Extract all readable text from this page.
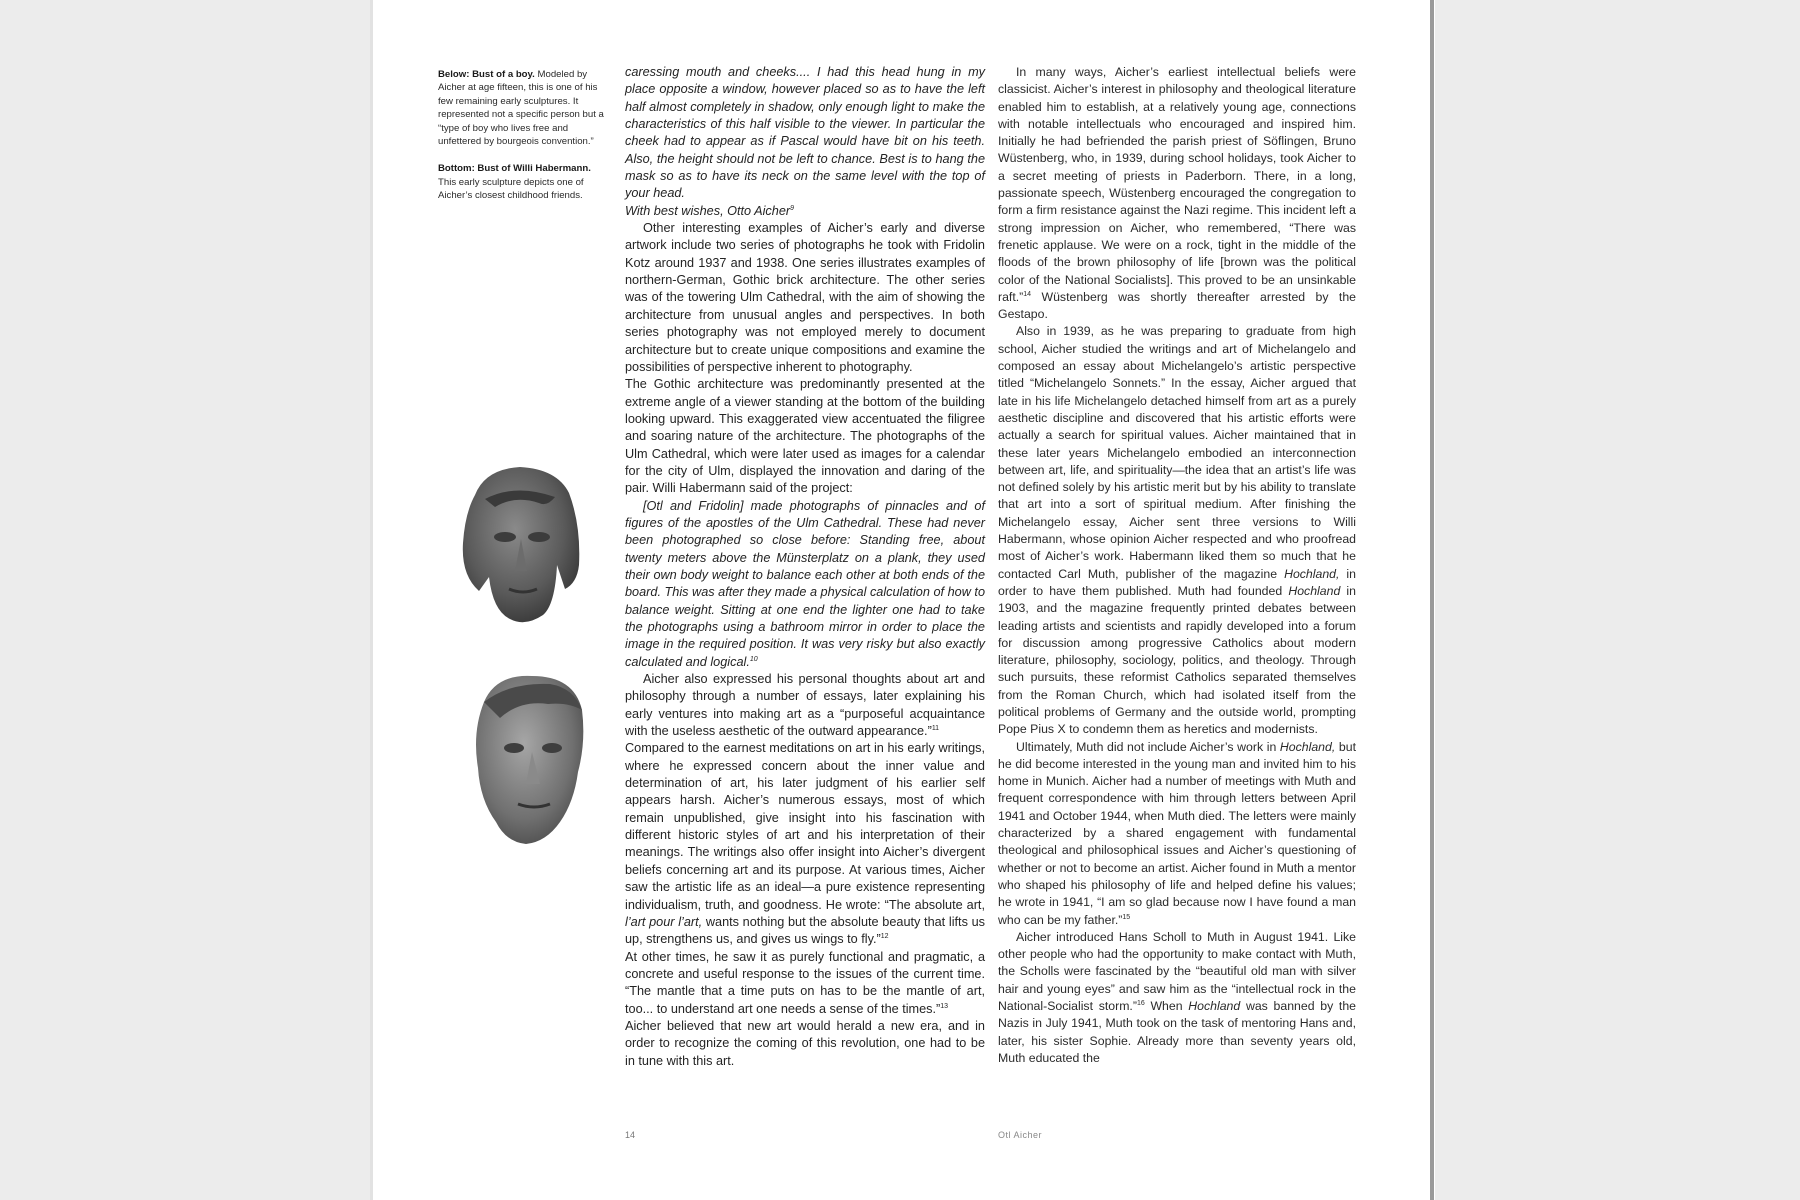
Below: Bust of a boy. Modeled by Aicher at age fifteen, this is one of his few remaining early sculptures. It represented not a specific person but a “type of boy who lives free and unfettered by bourgeois convention.”

Bottom: Bust of Willi Habermann. This early sculpture depicts one of Aicher’s closest childhood friends.

caressing mouth and cheeks.... I had this head hung in my place opposite a window, however placed so as to have the left half almost completely in shadow, only enough light to make the characteristics of this half visible to the viewer. In particular the cheek had to appear as if Pascal would have bit on his teeth. Also, the height should not be left to chance. Best is to hang the mask so as to have its neck on the same level with the top of your head.
With best wishes, Otto Aicher$^9$

Other interesting examples of Aicher’s early and diverse artwork include two series of photographs he took with Fridolin Kotz around 1937 and 1938. One series illustrates examples of northern-German, Gothic brick architecture. The other series was of the towering Ulm Cathedral, with the aim of showing the architecture from unusual angles and perspectives. In both series photography was not employed merely to document architecture but to create unique compositions and examine the possibilities of perspective inherent to photography.

The Gothic architecture was predominantly presented at the extreme angle of a viewer standing at the bottom of the building looking upward. This exaggerated view accentuated the filigree and soaring nature of the architecture. The photographs of the Ulm Cathedral, which were later used as images for a calendar for the city of Ulm, displayed the innovation and daring of the pair. Willi Habermann said of the project:

[Otl and Fridolin] made photographs of pinnacles and of figures of the apostles of the Ulm Cathedral. These had never been photographed so close before: Standing free, about twenty meters above the Münsterplatz on a plank, they used their own body weight to balance each other at both ends of the board. This was after they made a physical calculation of how to balance weight. Sitting at one end the lighter one had to take the photographs using a bathroom mirror in order to place the image in the required position. It was very risky but also exactly calculated and logical.$^{10}$

Aicher also expressed his personal thoughts about art and philosophy through a number of essays, later explaining his early ventures into making art as a “purposeful acquaintance with the useless aesthetic of the outward appearance.”$^{11}$

Compared to the earnest meditations on art in his early writings, where he expressed concern about the inner value and determination of art, his later judgment of his earlier self appears harsh. Aicher’s numerous essays, most of which remain unpublished, give insight into his fascination with different historic styles of art and his interpretation of their meanings. The writings also offer insight into Aicher’s divergent beliefs concerning art and its purpose. At various times, Aicher saw the artistic life as an ideal—a pure existence representing individualism, truth, and goodness. He wrote: “The absolute art, l’art pour l’art, wants nothing but the absolute beauty that lifts us up, strengthens us, and gives us wings to fly.”$^{12}$

At other times, he saw it as purely functional and pragmatic, a concrete and useful response to the issues of the current time. “The mantle that a time puts on has to be the mantle of art, too... to understand art one needs a sense of the times.”$^{13}$

Aicher believed that new art would herald a new era, and in order to recognize the coming of this revolution, one had to be in tune with this art.

In many ways, Aicher’s earliest intellectual beliefs were classicist. Aicher’s interest in philosophy and theological literature enabled him to establish, at a relatively young age, connections with notable intellectuals who encouraged and inspired him. Initially he had befriended the parish priest of Söflingen, Bruno Wüstenberg, who, in 1939, during school holidays, took Aicher to a secret meeting of priests in Paderborn. There, in a long, passionate speech, Wüstenberg encouraged the congregation to form a firm resistance against the Nazi regime. This incident left a strong impression on Aicher, who remembered, “There was frenetic applause. We were on a rock, tight in the middle of the floods of the brown philosophy of life [brown was the political color of the National Socialists]. This proved to be an unsinkable raft.”$^{14}$ Wüstenberg was shortly thereafter arrested by the Gestapo.

Also in 1939, as he was preparing to graduate from high school, Aicher studied the writings and art of Michelangelo and composed an essay about Michelangelo’s artistic perspective titled “Michelangelo Sonnets.” In the essay, Aicher argued that late in his life Michelangelo detached himself from art as a purely aesthetic discipline and discovered that his artistic efforts were actually a search for spiritual values. Aicher maintained that in these later years Michelangelo embodied an interconnection between art, life, and spirituality—the idea that an artist’s life was not defined solely by his artistic merit but by his ability to translate that art into a sort of spiritual medium. After finishing the Michelangelo essay, Aicher sent three versions to Willi Habermann, whose opinion Aicher respected and who proofread most of Aicher’s work. Habermann liked them so much that he contacted Carl Muth, publisher of the magazine Hochland, in order to have them published. Muth had founded Hochland in 1903, and the magazine frequently printed debates between leading artists and scientists and rapidly developed into a forum for discussion among progressive Catholics about modern literature, philosophy, sociology, politics, and theology. Through such pursuits, these reformist Catholics separated themselves from the Roman Church, which had isolated itself from the political problems of Germany and the outside world, prompting Pope Pius X to condemn them as heretics and modernists.

Ultimately, Muth did not include Aicher’s work in Hochland, but he did become interested in the young man and invited him to his home in Munich. Aicher had a number of meetings with Muth and frequent correspondence with him through letters between April 1941 and October 1944, when Muth died. The letters were mainly characterized by a shared engagement with fundamental theological and philosophical issues and Aicher’s questioning of whether or not to become an artist. Aicher found in Muth a mentor who shaped his philosophy of life and helped define his values; he wrote in 1941, “I am so glad because now I have found a man who can be my father.”$^{15}$

Aicher introduced Hans Scholl to Muth in August 1941. Like other people who had the opportunity to make contact with Muth, the Scholls were fascinated by the “beautiful old man with silver hair and young eyes” and saw him as the “intellectual rock in the National-Socialist storm.”$^{16}$ When Hochland was banned by the Nazis in July 1941, Muth took on the task of mentoring Hans and, later, his sister Sophie. Already more than seventy years old, Muth educated the

14	Otl Aicher
